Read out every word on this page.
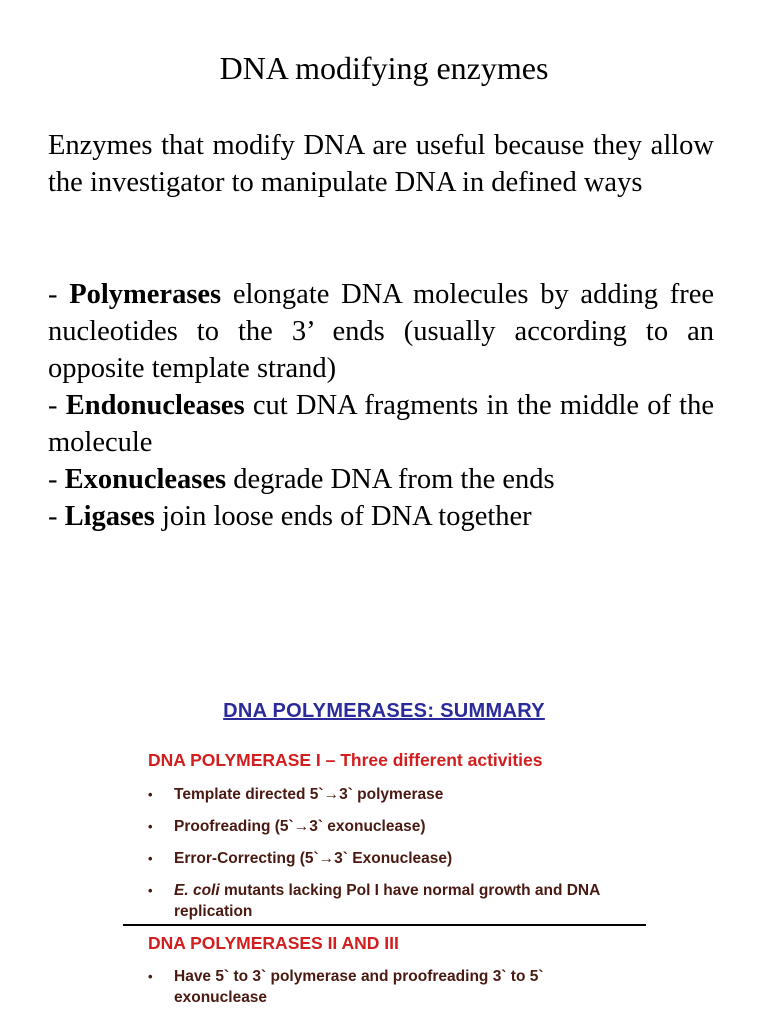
DNA modifying enzymes
Enzymes that modify DNA are useful because they allow the investigator to manipulate DNA in defined ways

- Polymerases elongate DNA molecules by adding free nucleotides to the 3’ ends (usually according to an opposite template strand)

- Endonucleases cut DNA fragments in the middle of the molecule

- Exonucleases degrade DNA from the ends

- Ligases join loose ends of DNA together

DNA POLYMERASES: SUMMARY
DNA POLYMERASE I – Three different activities
• Template directed 5`→3` polymerase
• Proofreading (5`→3` exonuclease)
• Error-Correcting (5`→3` Exonuclease)
• E. coli mutants lacking Pol I have normal growth and DNA replication
DNA POLYMERASES II AND III
• Have 5` to 3` polymerase and proofreading 3` to 5` exonuclease
